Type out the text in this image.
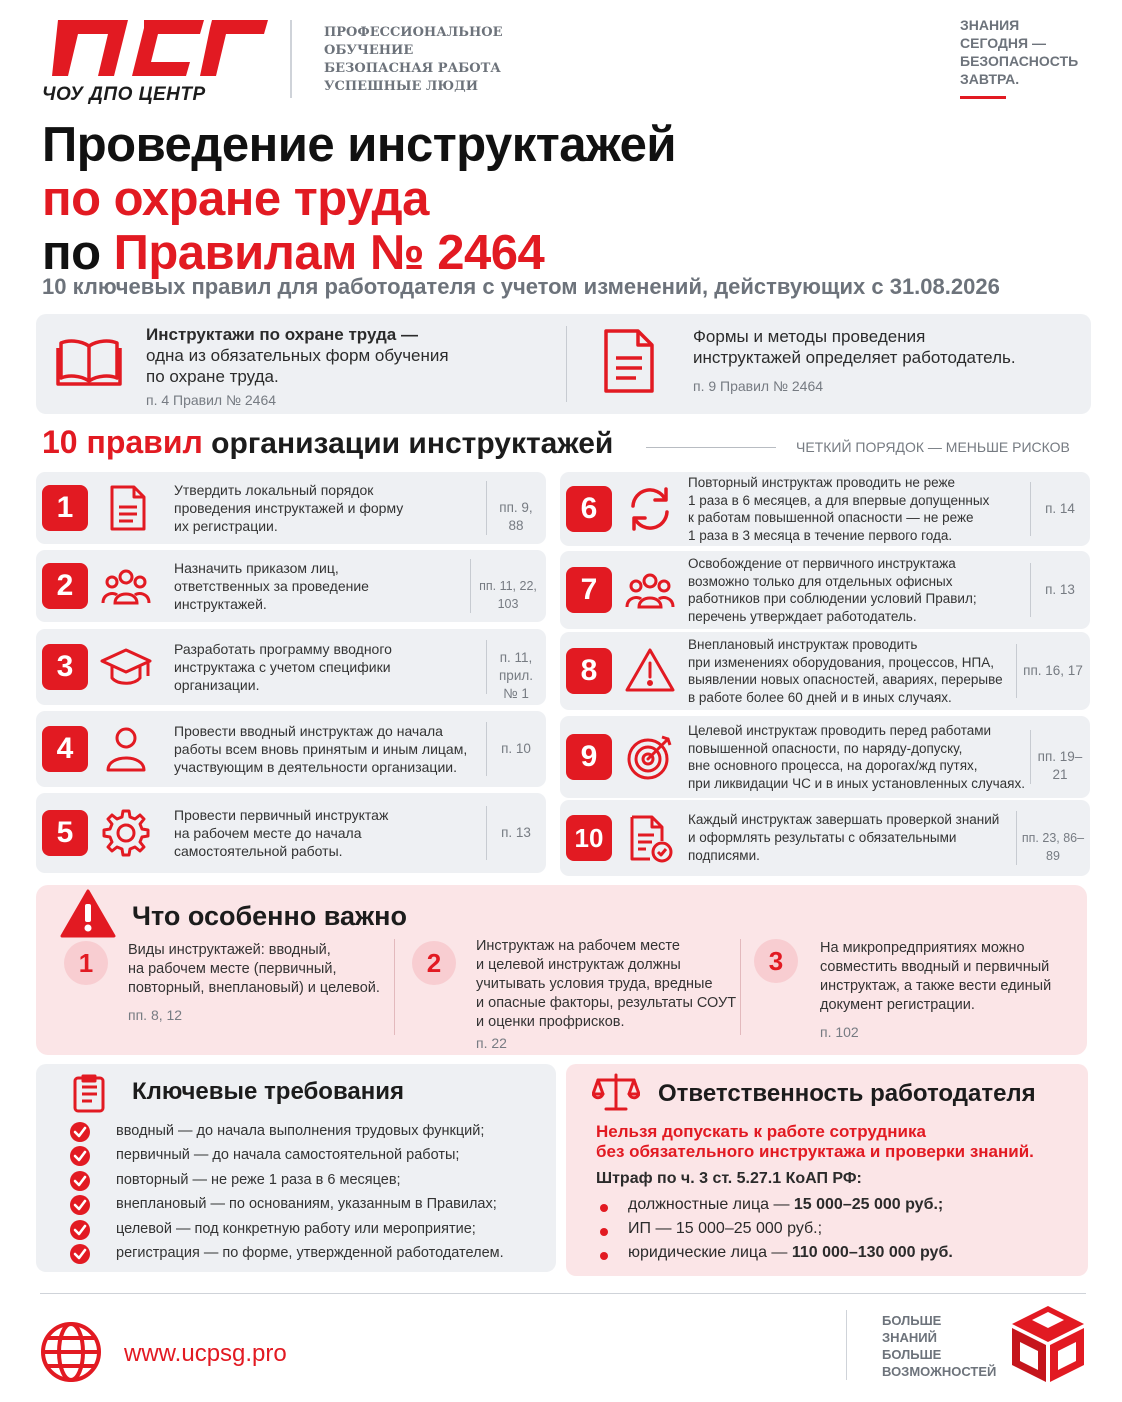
ЧОУ ДПО ЦЕНТР
ПРОФЕССИОНАЛЬНОЕ
ОБУЧЕНИЕ
БЕЗОПАСНАЯ РАБОТА
УСПЕШНЫЕ ЛЮДИ
ЗНАНИЯ
СЕГОДНЯ —
БЕЗОПАСНОСТЬ
ЗАВТРА.
Проведение инструктажей
по охране труда
по Правилам № 2464
10 ключевых правил для работодателя с учетом изменений, действующих с 31.08.2026
Инструктажи по охране труда —
одна из обязательных форм обучения
по охране труда.
п. 4 Правил № 2464
Формы и методы проведения
инструктажей определяет работодатель.
п. 9 Правил № 2464
10 правил организации инструктажей	ЧЕТКИЙ ПОРЯДОК — МЕНЬШЕ РИСКОВ
1
Утвердить локальный порядок
проведения инструктажей и форму
их регистрации.
пп. 9, 88
2
Назначить приказом лиц,
ответственных за проведение
инструктажей.
пп. 11, 22, 103
3
Разработать программу вводного
инструктажа с учетом специфики
организации.
п. 11,
прил. № 1
4
Провести вводный инструктаж до начала
работы всем вновь принятым и иным лицам,
участвующим в деятельности организации.
п. 10
5
Провести первичный инструктаж
на рабочем месте до начала
самостоятельной работы.
п. 13
6
Повторный инструктаж проводить не реже
1 раза в 6 месяцев, а для впервые допущенных
к работам повышенной опасности — не реже
1 раза в 3 месяца в течение первого года.
п. 14
7
Освобождение от первичного инструктажа
возможно только для отдельных офисных
работников при соблюдении условий Правил;
перечень утверждает работодатель.
п. 13
8
Внеплановый инструктаж проводить
при изменениях оборудования, процессов, НПА,
выявлении новых опасностей, авариях, перерыве
в работе более 60 дней и в иных случаях.
пп. 16, 17
9
Целевой инструктаж проводить перед работами
повышенной опасности, по наряду-допуску,
вне основного процесса, на дорогах/жд путях,
при ликвидации ЧС и в иных установленных случаях.
пп. 19–21
10
Каждый инструктаж завершать проверкой знаний
и оформлять результаты с обязательными
подписями.
пп. 23, 86–89
Что особенно важно
1	Виды инструктажей: вводный,
на рабочем месте (первичный,
повторный, внеплановый) и целевой.
пп. 8, 12
2
Инструктаж на рабочем месте
и целевой инструктаж должны
учитывать условия труда, вредные
и опасные факторы, результаты СОУТ
и оценки профрисков.
п. 22
3	На микропредприятиях можно
совместить вводный и первичный
инструктаж, а также вести единый
документ регистрации.
п. 102
Ключевые требования
вводный — до начала выполнения трудовых функций;
первичный — до начала самостоятельной работы;
повторный — не реже 1 раза в 6 месяцев;
внеплановый — по основаниям, указанным в Правилах;
целевой — под конкретную работу или мероприятие;
регистрация — по форме, утвержденной работодателем.
Ответственность работодателя
Нельзя допускать к работе сотрудника
без обязательного инструктажа и проверки знаний.
Штраф по ч. 3 ст. 5.27.1 КоАП РФ:
должностные лица — 15 000–25 000 руб.;
ИП — 15 000–25 000 руб.;
юридические лица — 110 000–130 000 руб.
www.ucpsg.pro
БОЛЬШЕ
ЗНАНИЙ
БОЛЬШЕ
ВОЗМОЖНОСТЕЙ
